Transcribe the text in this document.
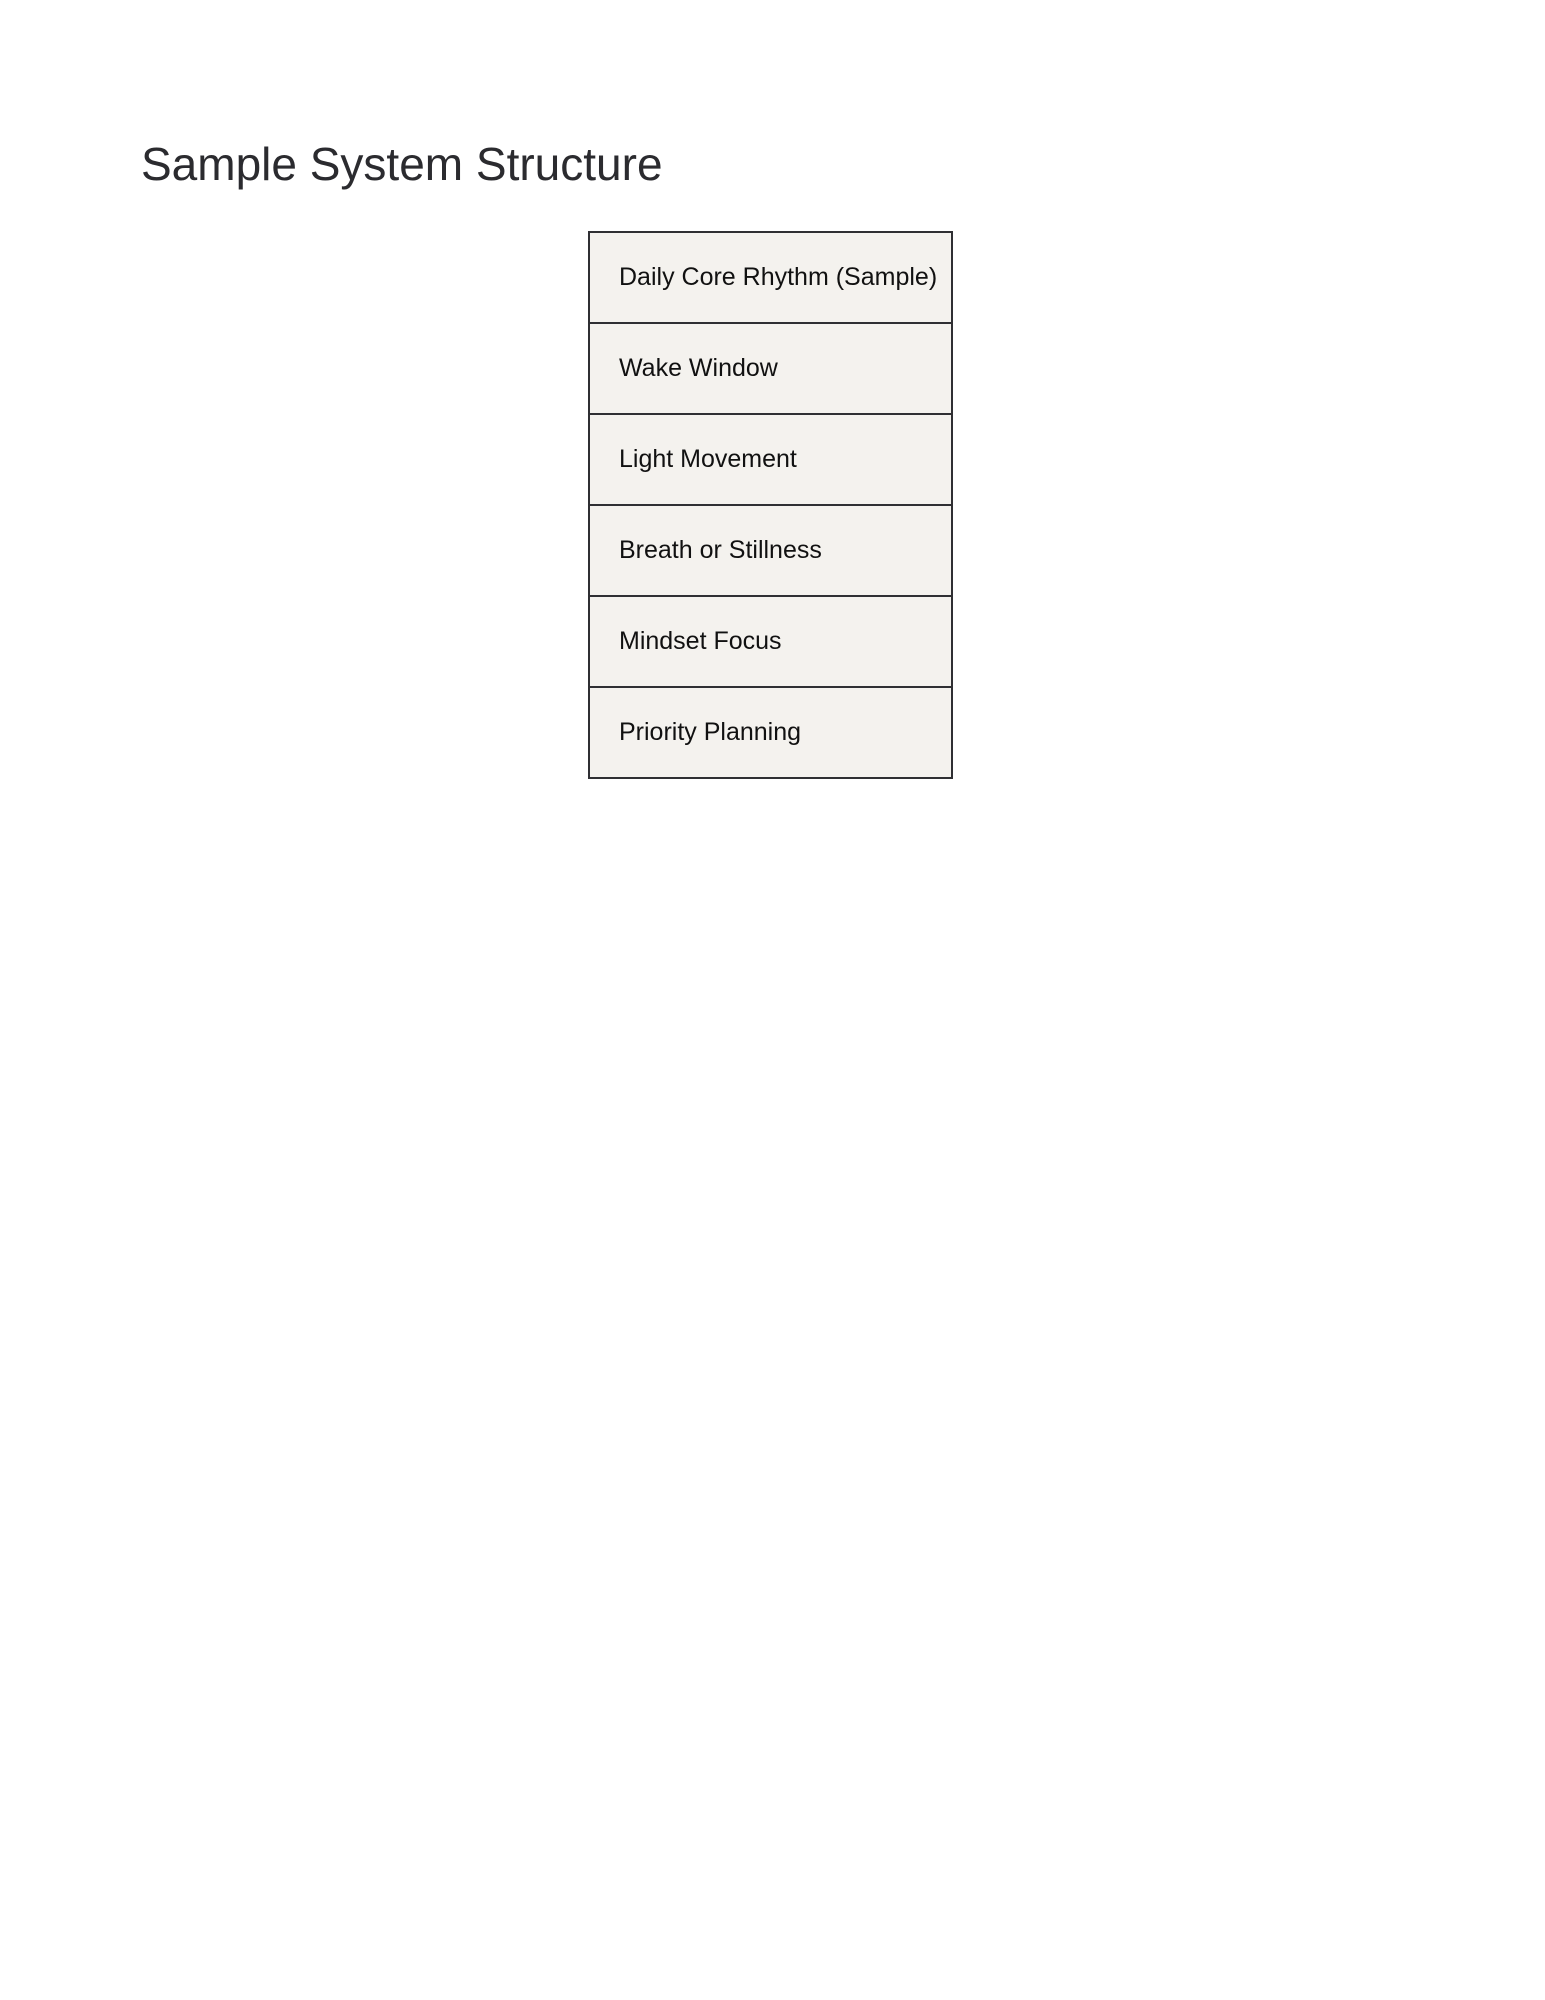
Sample System Structure
Daily Core Rhythm (Sample)
Wake Window
Light Movement
Breath or Stillness
Mindset Focus
Priority Planning
